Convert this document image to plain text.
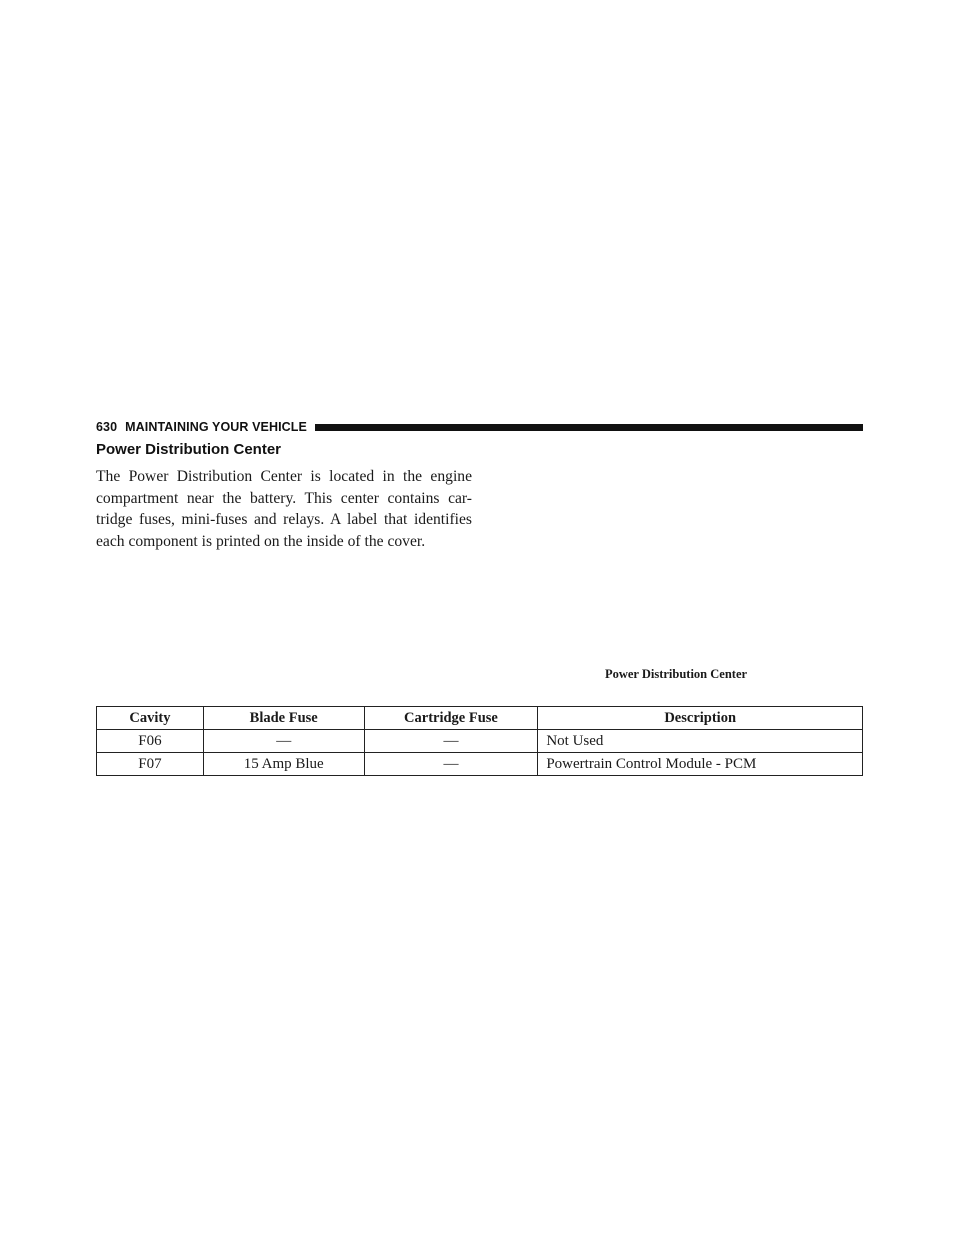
630 MAINTAINING YOUR VEHICLE
Power Distribution Center

The Power Distribution Center is located in the engine compartment near the battery. This center contains car-tridge fuses, mini-fuses and relays. A label that identifies each component is printed on the inside of the cover.

Power Distribution Center
Cavity	Blade Fuse	Cartridge Fuse	Description
F06	—	—	Not Used
F07	15 Amp Blue	—	Powertrain Control Module - PCM
